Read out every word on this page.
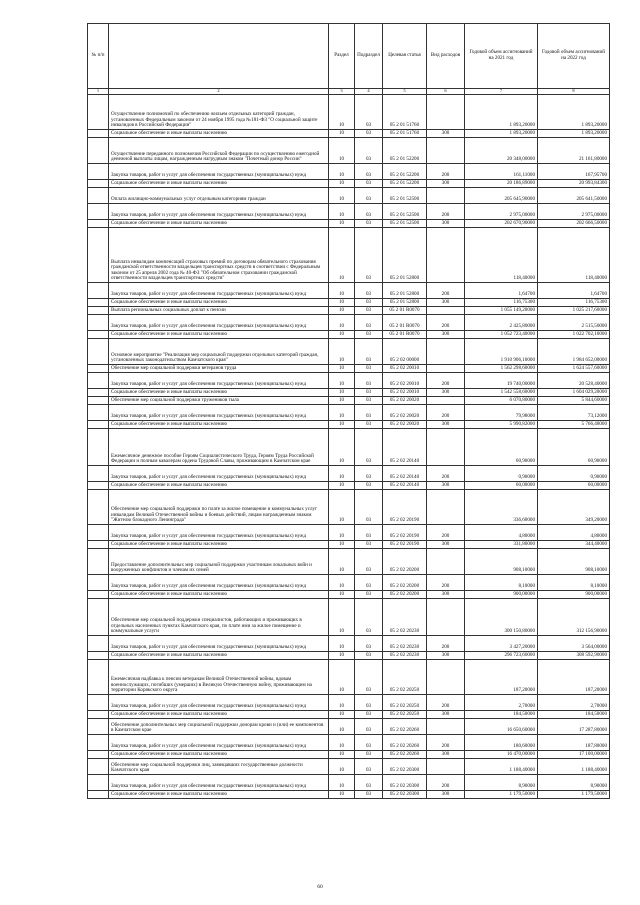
№ п/п		Раздел	Подраздел	Целевая статья	Вид расходов	Годовой объем ассигнований на 2021 год	Годовой объем ассигнований на 2022 год
1	2	3	4	5	6	7	8
	Осуществление полномочий по обеспечению жильем отдельных категорий граждан, установленных Федеральным законом от 24 ноября 1995 года №181-ФЗ "О социальной защите инвалидов в Российской Федерации"	10	03	05 2 01 51760		1 893,20000	1 893,20000
	Социальное обеспечение и иные выплаты населению	10	03	05 2 01 51760	300	1 893,20000	1 893,20000
	Осуществление переданного полномочия Российской Федерации по осуществлению ежегодной денежной выплаты лицам, награжденным нагрудным знаком "Почетный донор России"	10	03	05 2 01 52200		20 348,00000	21 161,80000
	Закупка товаров, работ и услуг для обеспечения государственных (муниципальных) нужд	10	03	05 2 01 52200	200	161,11000	167,95700
	Социальное обеспечение и иные выплаты населению	10	03	05 2 01 52200	300	20 186,89000	20 993,84300
	Оплата жилищно-коммунальных услуг отдельным категориям граждан	10	03	05 2 01 52500		205 645,90000	205 641,50000
	Закупка товаров, работ и услуг для обеспечения государственных (муниципальных) нужд	10	03	05 2 01 52500	200	2 975,00000	2 975,00000
	Социальное обеспечение и иные выплаты населению	10	03	05 2 01 52500	300	202 670,90000	202 666,50000
	Выплата инвалидам компенсаций страховых премий по договорам обязательного страхования гражданской ответственности владельцев транспортных средств в соответствии с Федеральным законом от 25 апреля 2002 года № 40-ФЗ "Об обязательном страховании гражданской ответственности владельцев транспортных средств"	10	03	05 2 01 52800		118,40000	118,40000
	Закупка товаров, работ и услуг для обеспечения государственных (муниципальных) нужд	10	03	05 2 01 52800	200	1,64700	1,64700
	Социальное обеспечение и иные выплаты населению	10	03	05 2 01 52800	300	116,75300	116,75300
	Выплата региональных социальных доплат к пенсии	10	03	05 2 01 R0070		1 055 149,20000	1 025 217,60000
	Закупка товаров, работ и услуг для обеспечения государственных (муниципальных) нужд	10	03	05 2 01 R0070	200	2 425,80000	2 515,50000
	Социальное обеспечение и иные выплаты населению	10	03	05 2 01 R0070	300	1 052 723,40000	1 022 702,10000
	Основное мероприятие "Реализация мер социальной поддержки отдельных категорий граждан, установленных законодательством Камчатского края"	10	03	05 2 02 00000		1 910 906,10000	1 984 652,00000
	Обеспечение мер социальной поддержки ветеранов труда	10	03	05 2 02 20010		1 562 298,60000	1 624 557,60000
	Закупка товаров, работ и услуг для обеспечения государственных (муниципальных) нужд	10	03	05 2 02 20010	200	19 740,00000	20 528,40000
	Социальное обеспечение и иные выплаты населению	10	03	05 2 02 20010	300	1 542 558,60000	1 604 029,20000
	Обеспечение мер социальной поддержки тружеников тыла	10	03	05 2 02 20020		6 070,80000	5 844,60000
	Закупка товаров, работ и услуг для обеспечения государственных (муниципальных) нужд	10	03	05 2 02 20020	200	79,98000	73,12000
	Социальное обеспечение и иные выплаты населению	10	03	05 2 02 20020	300	5 990,82000	5 766,48000
	Ежемесячное денежное пособие Героям Социалистического Труда, Героям Труда Российской Федерации и полным кавалерам ордена Трудовой Славы, проживающим в Камчатском крае	10	03	05 2 02 20140		60,90000	60,90000
	Закупка товаров, работ и услуг для обеспечения государственных (муниципальных) нужд	10	03	05 2 02 20140	200	0,90000	0,90000
	Социальное обеспечение и иные выплаты населению	10	03	05 2 02 20140	300	60,00000	60,00000
	Обеспечение мер социальной поддержки по плате за жилое помещение и коммунальных услуг инвалидам Великой Отечественной войны и боевых действий, лицам награжденным знаком "Жителю блокадного Ленинграда"	10	03	05 2 02 20190		336,60000	349,20000
	Закупка товаров, работ и услуг для обеспечения государственных (муниципальных) нужд	10	03	05 2 02 20190	200	4,80000	4,80000
	Социальное обеспечение и иные выплаты населению	10	03	05 2 02 20190	300	331,80000	344,40000
	Предоставление дополнительных мер социальной поддержки участникам локальных войн и вооруженных конфликтов и членам их семей	10	03	05 2 02 20200		908,10000	908,10000
	Закупка товаров, работ и услуг для обеспечения государственных (муниципальных) нужд	10	03	05 2 02 20200	200	8,10000	8,10000
	Социальное обеспечение и иные выплаты населению	10	03	05 2 02 20200	300	900,00000	900,00000
	Обеспечение мер социальной поддержки специалистов, работающих и проживающих в отдельных населенных пунктах Камчатского края, по плате ими за жилое помещение и коммунальные услуги	10	03	05 2 02 20230		300 150,80000	312 156,90000
	Закупка товаров, работ и услуг для обеспечения государственных (муниципальных) нужд	10	03	05 2 02 20230	200	3 427,20000	3 564,00000
	Социальное обеспечение и иные выплаты населению	10	03	05 2 02 20230	300	296 723,60000	308 592,90000
	Ежемесячная надбавка к пенсии ветеранам Великой Отечественной войны, вдовам военнослужащих, погибших (умерших) в Великую Отечественную войну, проживающим на территории Корякского округа	10	03	05 2 02 20250		187,20000	187,20000
	Закупка товаров, работ и услуг для обеспечения государственных (муниципальных) нужд	10	03	05 2 02 20250	200	2,70000	2,70000
	Социальное обеспечение и иные выплаты населению	10	03	05 2 02 20250	300	184,50000	184,50000
	Обеспечение дополнительных мер социальной поддержки донорам крови и (или) ее компонентов в Камчатском крае	10	03	05 2 02 20260		16 650,60000	17 287,80000
	Закупка товаров, работ и услуг для обеспечения государственных (муниципальных) нужд	10	03	05 2 02 20260	200	180,60000	187,80000
	Социальное обеспечение и иные выплаты населению	10	03	05 2 02 20260	300	16 470,00000	17 100,00000
	Обеспечение мер социальной поддержки лиц, замещавших государственные должности Камчатского края	10	03	05 2 02 20300		1 188,40000	1 188,40000
	Закупка товаров, работ и услуг для обеспечения государственных (муниципальных) нужд	10	03	05 2 02 20300	200	8,90000	8,90000
	Социальное обеспечение и иные выплаты населению	10	03	05 2 02 20300	300	1 179,50000	1 179,50000
60
